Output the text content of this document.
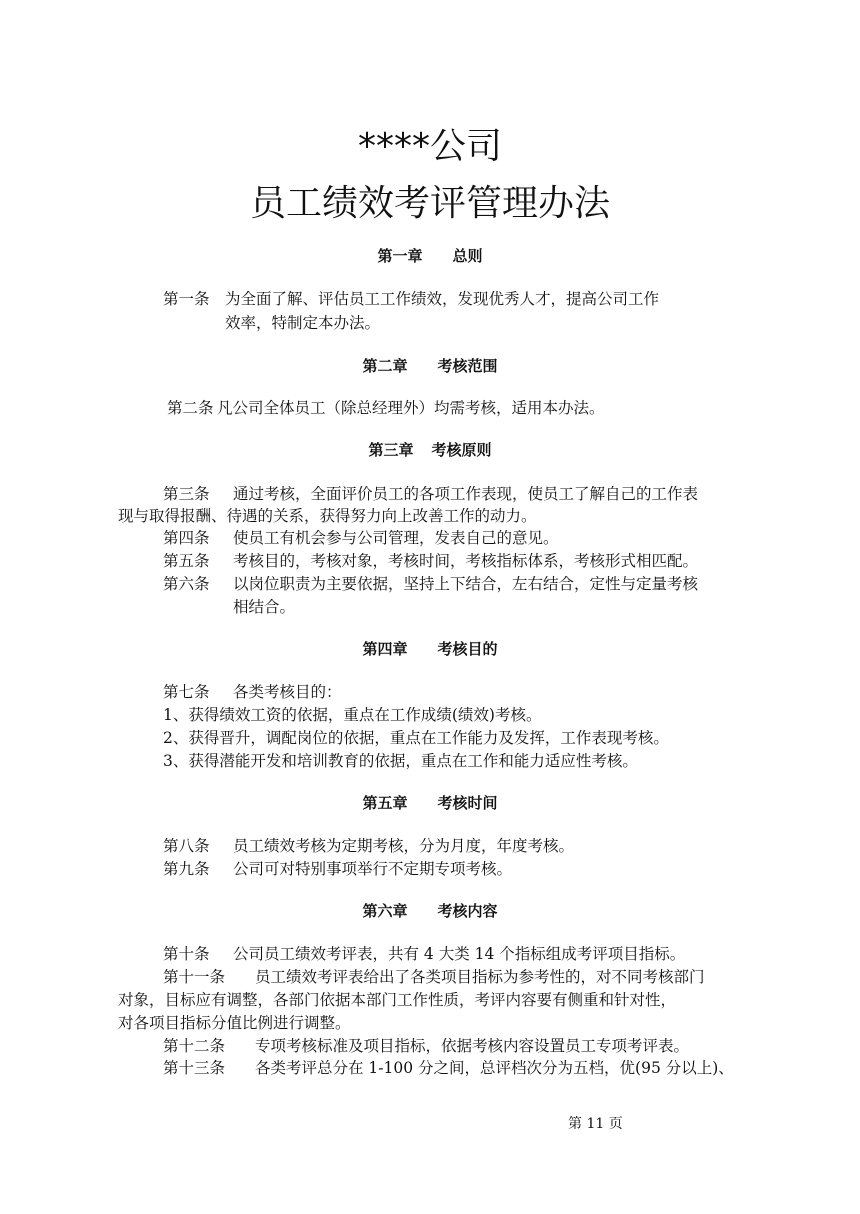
****公司
员工绩效考评管理办法
第一章 总则
第一条 为全面了解、评估员工工作绩效，发现优秀人才，提高公司工作
效率，特制定本办法。
第二章 考核范围
第二条 凡公司全体员工（除总经理外）均需考核，适用本办法。
第三章 考核原则
第三条 通过考核，全面评价员工的各项工作表现，使员工了解自己的工作表
现与取得报酬、待遇的关系，获得努力向上改善工作的动力。
第四条 使员工有机会参与公司管理，发表自己的意见。
第五条 考核目的，考核对象，考核时间，考核指标体系，考核形式相匹配。
第六条 以岗位职责为主要依据，坚持上下结合，左右结合，定性与定量考核
相结合。
第四章 考核目的
第七条 各类考核目的：
1、获得绩效工资的依据，重点在工作成绩(绩效)考核。
2、获得晋升，调配岗位的依据，重点在工作能力及发挥，工作表现考核。
3、获得潜能开发和培训教育的依据，重点在工作和能力适应性考核。
第五章 考核时间
第八条 员工绩效考核为定期考核，分为月度，年度考核。
第九条 公司可对特别事项举行不定期专项考核。
第六章 考核内容
第十条 公司员工绩效考评表，共有 4 大类 14 个指标组成考评项目指标。
第十一条 员工绩效考评表给出了各类项目指标为参考性的，对不同考核部门
对象，目标应有调整，各部门依据本部门工作性质，考评内容要有侧重和针对性，
对各项目指标分值比例进行调整。
第十二条 专项考核标准及项目指标，依据考核内容设置员工专项考评表。
第十三条 各类考评总分在 1-100 分之间，总评档次分为五档，优(95 分以上)、
第 11 页
